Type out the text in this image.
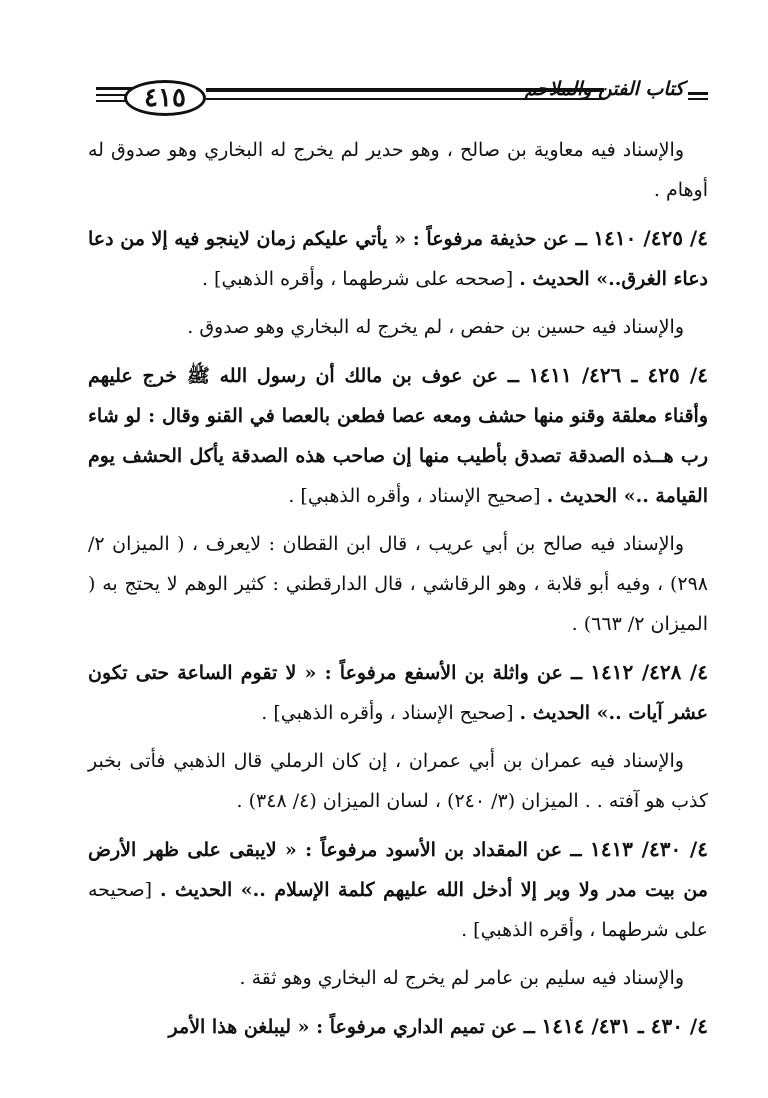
٤١٥	كتاب الفتن والملاحم

والإسناد فيه معاوية بن صالح ، وهو حدير لم يخرج له البخاري وهو صدوق له أوهام .

٤/ ٤٢٥/ ١٤١٠ ــ عن حذيفة مرفوعاً : « يأتي عليكم زمان لاينجو فيه إلا من دعا دعاء الغرق..» الحديث . [صححه على شرطهما ، وأقره الذهبي] .

والإسناد فيه حسين بن حفص ، لم يخرج له البخاري وهو صدوق .

٤/ ٤٢٥ ـ ٤٢٦/ ١٤١١ ــ عن عوف بن مالك أن رسول الله ﷺ خرج عليهم وأقناء معلقة وقنو منها حشف ومعه عصا فطعن بالعصا في القنو وقال : لو شاء رب هــذه الصدقة تصدق بأطيب منها إن صاحب هذه الصدقة يأكل الحشف يوم القيامة ..» الحديث . [صحيح الإسناد ، وأقره الذهبي] .

والإسناد فيه صالح بن أبي عريب ، قال ابن القطان : لايعرف ، ( الميزان ٢/ ٢٩٨) ، وفيه أبو قلابة ، وهو الرقاشي ، قال الدارقطني : كثير الوهم لا يحتج به ( الميزان ٢/ ٦٦٣) .

٤/ ٤٢٨/ ١٤١٢ ــ عن واثلة بن الأسفع مرفوعاً : « لا تقوم الساعة حتى تكون عشر آيات ..» الحديث . [صحيح الإسناد ، وأقره الذهبي] .

والإسناد فيه عمران بن أبي عمران ، إن كان الرملي قال الذهبي فأتى بخبر كذب هو آفته . . الميزان (٣/ ٢٤٠) ، لسان الميزان (٤/ ٣٤٨) .

٤/ ٤٣٠/ ١٤١٣ ــ عن المقداد بن الأسود مرفوعاً : « لايبقى على ظهر الأرض من بيت مدر ولا وبر إلا أدخل الله عليهم كلمة الإسلام ..» الحديث . [صحيحه على شرطهما ، وأقره الذهبي] .

والإسناد فيه سليم بن عامر لم يخرج له البخاري وهو ثقة .

٤/ ٤٣٠ ـ ٤٣١/ ١٤١٤ ــ عن تميم الداري مرفوعاً : « ليبلغن هذا الأمر
